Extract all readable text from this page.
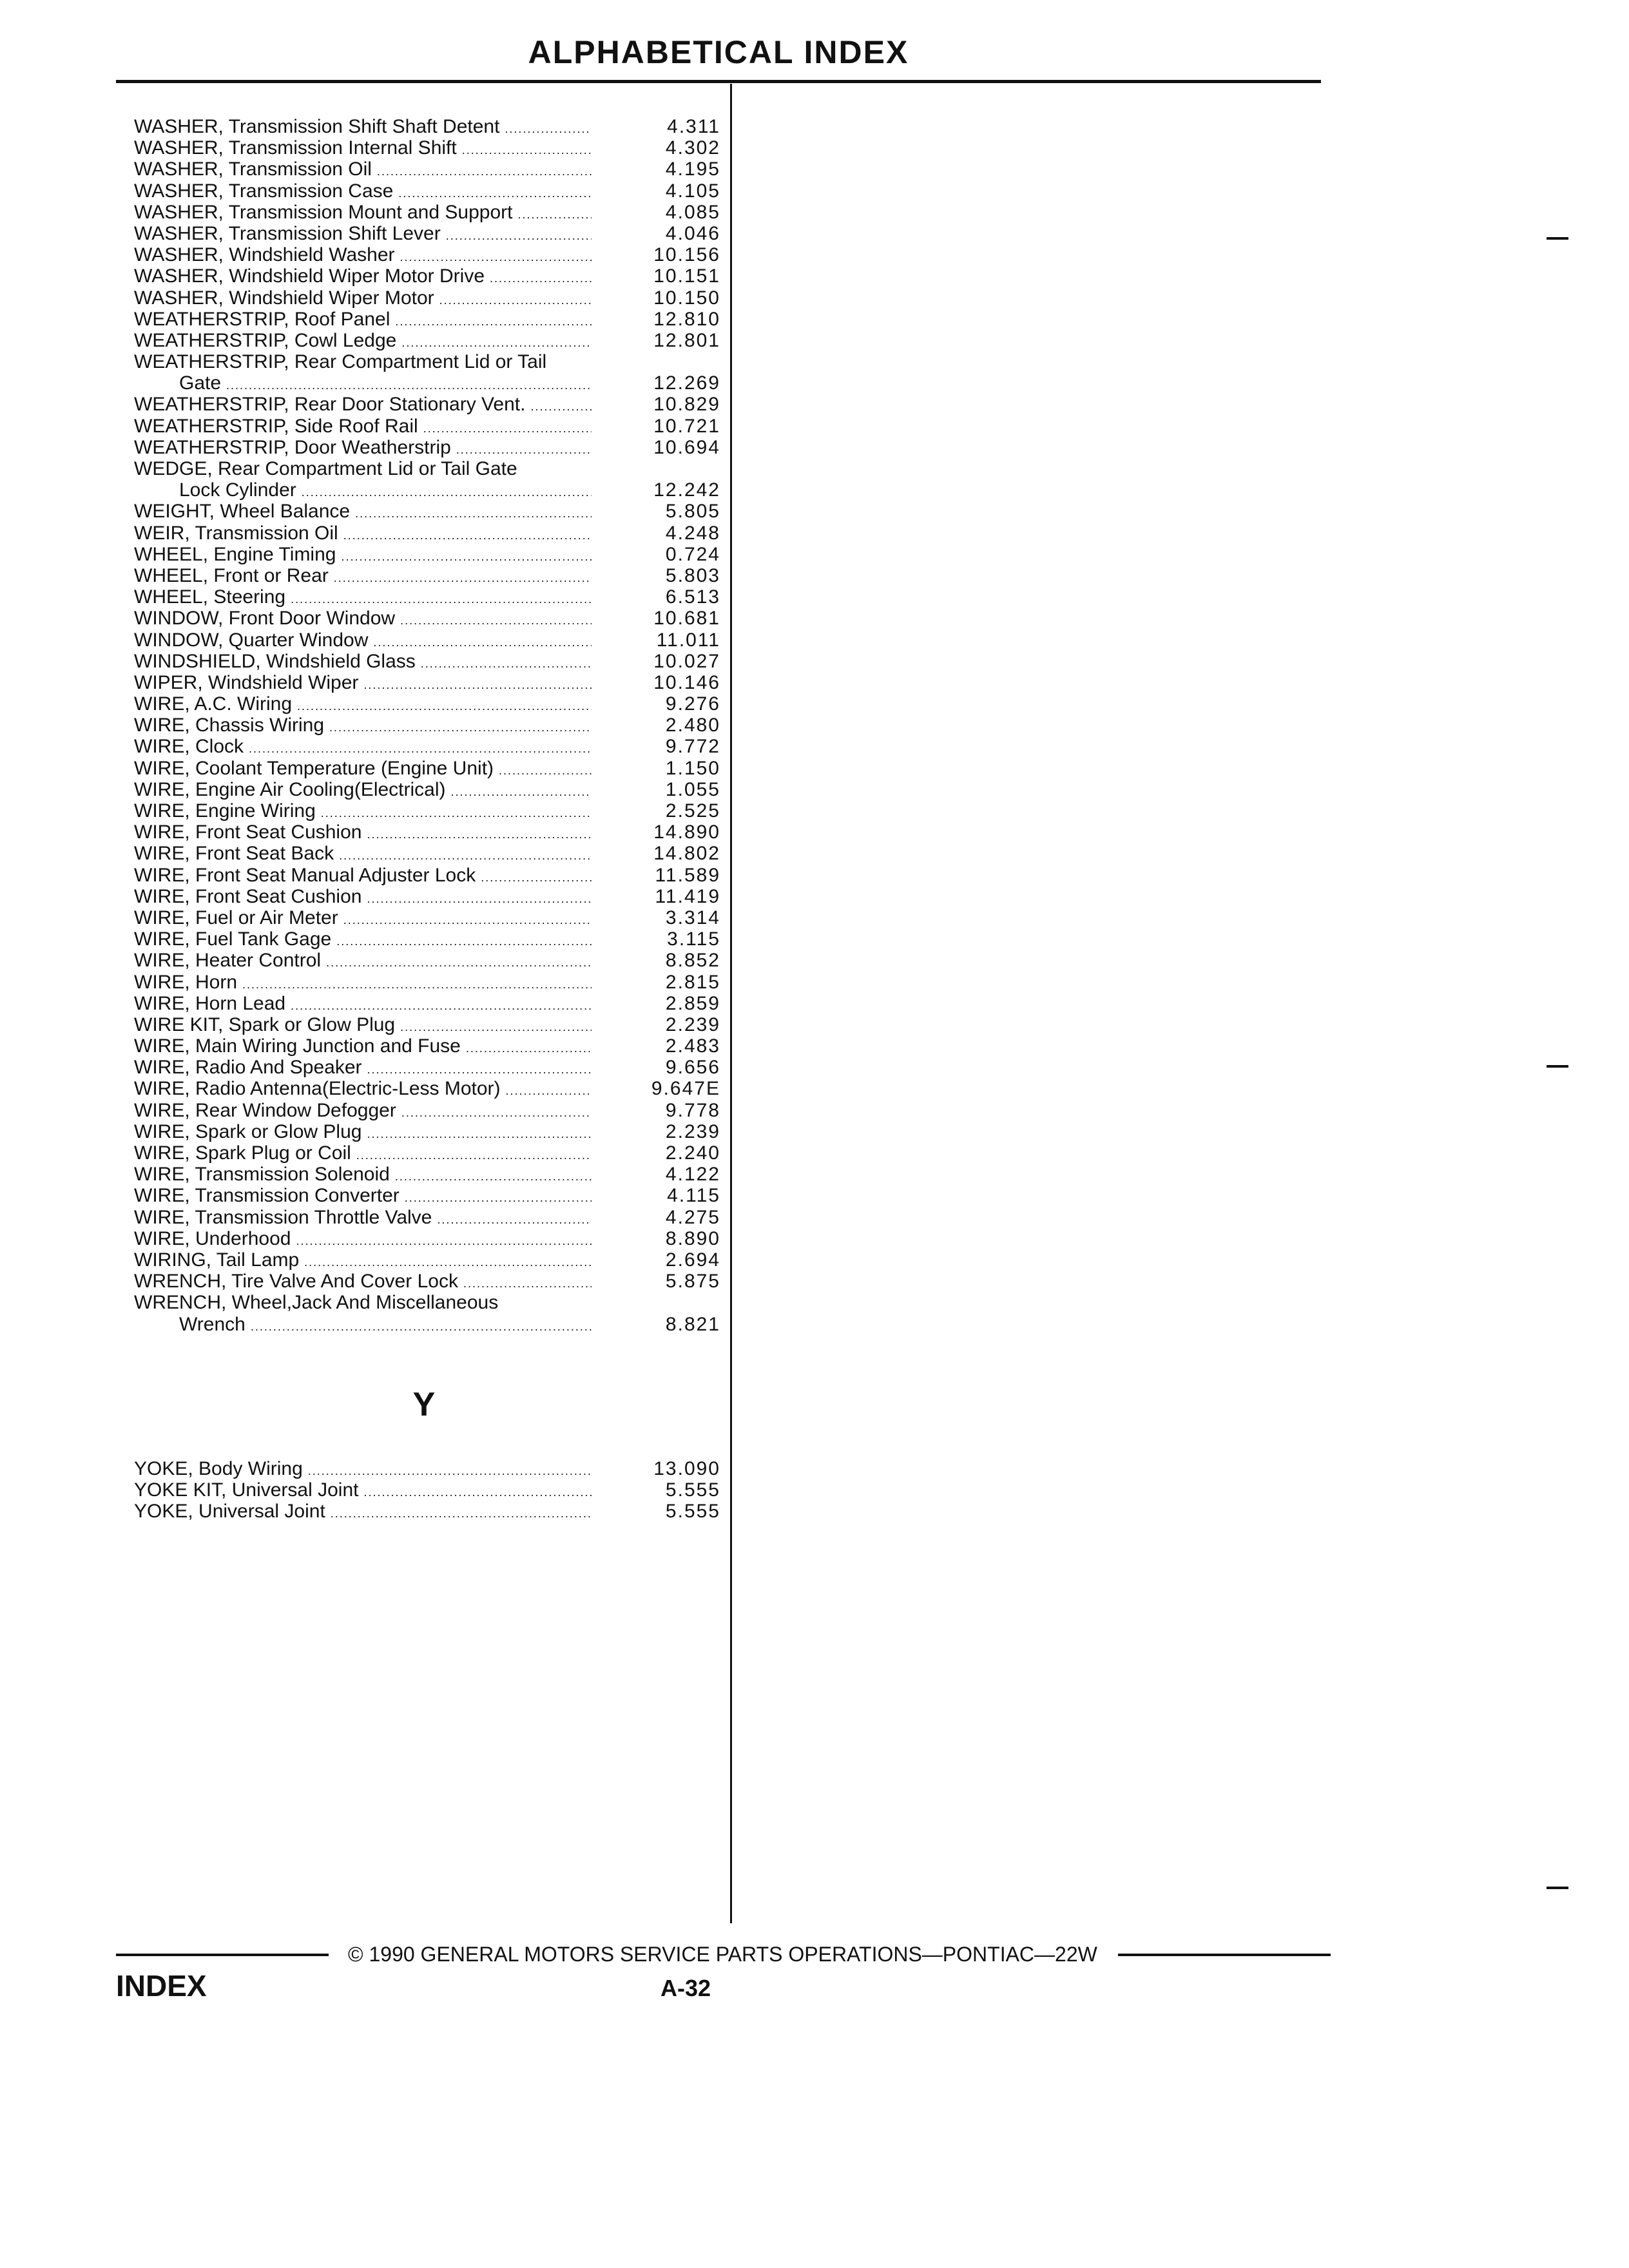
ALPHABETICAL INDEX
WASHER, Transmission Shift Shaft Detent .....	4.311
WASHER, Transmission Internal Shift .....	4.302
WASHER, Transmission Oil .....	4.195
WASHER, Transmission Case .....	4.105
WASHER, Transmission Mount and Support .....	4.085
WASHER, Transmission Shift Lever .....	4.046
WASHER, Windshield Washer .....	10.156
WASHER, Windshield Wiper Motor Drive .....	10.151
WASHER, Windshield Wiper Motor .....	10.150
WEATHERSTRIP, Roof Panel .....	12.810
WEATHERSTRIP, Cowl Ledge .....	12.801
WEATHERSTRIP, Rear Compartment Lid or Tail
Gate .....	12.269
WEATHERSTRIP, Rear Door Stationary Vent. .....	10.829
WEATHERSTRIP, Side Roof Rail .....	10.721
WEATHERSTRIP, Door Weatherstrip .....	10.694
WEDGE, Rear Compartment Lid or Tail Gate
Lock Cylinder .....	12.242
WEIGHT, Wheel Balance .....	5.805
WEIR, Transmission Oil .....	4.248
WHEEL, Engine Timing .....	0.724
WHEEL, Front or Rear .....	5.803
WHEEL, Steering .....	6.513
WINDOW, Front Door Window .....	10.681
WINDOW, Quarter Window .....	11.011
WINDSHIELD, Windshield Glass .....	10.027
WIPER, Windshield Wiper .....	10.146
WIRE, A.C. Wiring .....	9.276
WIRE, Chassis Wiring .....	2.480
WIRE, Clock .....	9.772
WIRE, Coolant Temperature (Engine Unit) .....	1.150
WIRE, Engine Air Cooling(Electrical) .....	1.055
WIRE, Engine Wiring .....	2.525
WIRE, Front Seat Cushion .....	14.890
WIRE, Front Seat Back .....	14.802
WIRE, Front Seat Manual Adjuster Lock .....	11.589
WIRE, Front Seat Cushion .....	11.419
WIRE, Fuel or Air Meter .....	3.314
WIRE, Fuel Tank Gage .....	3.115
WIRE, Heater Control .....	8.852
WIRE, Horn .....	2.815
WIRE, Horn Lead .....	2.859
WIRE KIT, Spark or Glow Plug .....	2.239
WIRE, Main Wiring Junction and Fuse .....	2.483
WIRE, Radio And Speaker .....	9.656
WIRE, Radio Antenna(Electric-Less Motor) .....	9.647E
WIRE, Rear Window Defogger .....	9.778
WIRE, Spark or Glow Plug .....	2.239
WIRE, Spark Plug or Coil .....	2.240
WIRE, Transmission Solenoid .....	4.122
WIRE, Transmission Converter .....	4.115
WIRE, Transmission Throttle Valve .....	4.275
WIRE, Underhood .....	8.890
WIRING, Tail Lamp .....	2.694
WRENCH, Tire Valve And Cover Lock .....	5.875
WRENCH, Wheel,Jack And Miscellaneous
Wrench .....	8.821
Y
YOKE, Body Wiring .....	13.090
YOKE KIT, Universal Joint .....	5.555
YOKE, Universal Joint .....	5.555
© 1990 GENERAL MOTORS SERVICE PARTS OPERATIONS—PONTIAC—22W
INDEX	A-32
